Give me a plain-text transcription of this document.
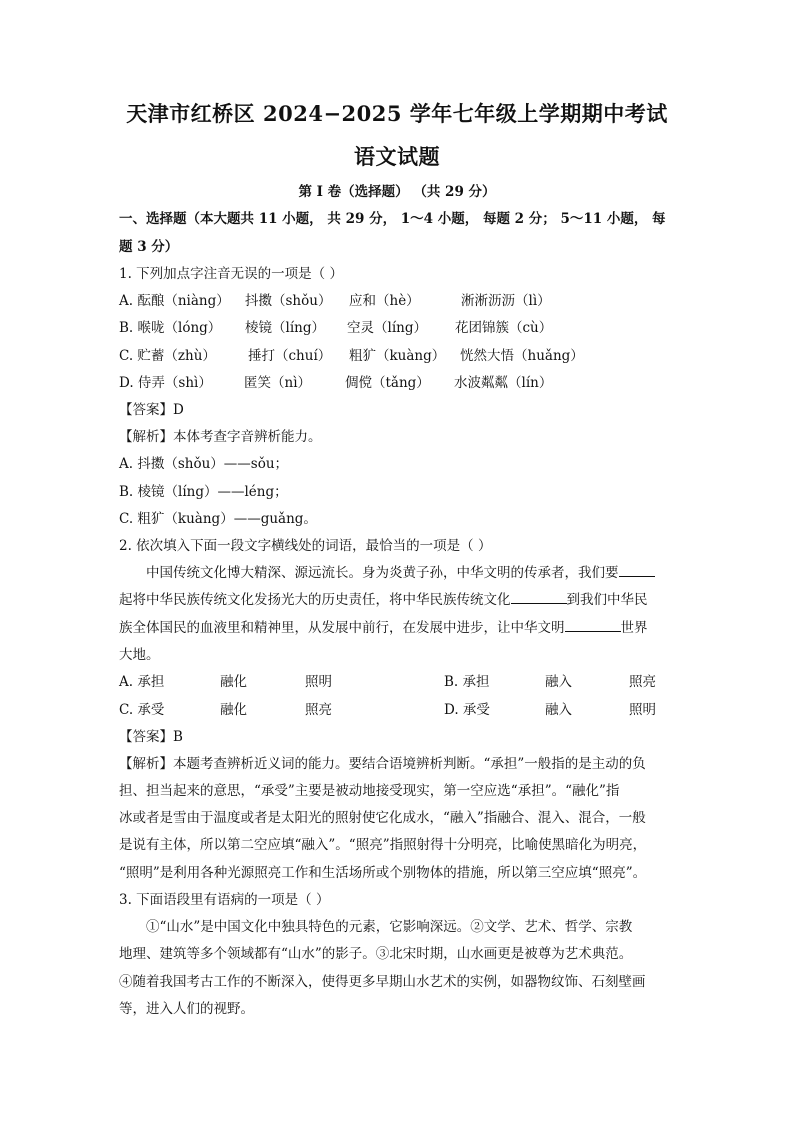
天津市红桥区 2024−2025 学年七年级上学期期中考试
语文试题
第 I 卷（选择题） （共 29 分）
一、选择题（本大题共 11 小题， 共 29 分， 1～4 小题， 每题 2 分； 5～11 小题， 每
题 3 分）
1. 下列加点字注音无误的一项是（ ）
A. 酝酿（niàng） 抖擞（shǒu） 应和（hè）	淅淅沥沥（lì）
B. 喉咙（lóng） 棱镜（líng） 空灵（líng） 花团锦簇（cù）
C. 贮蓄（zhù） 捶打（chuí） 粗犷（kuàng） 恍然大悟（huǎng）
D. 侍弄（shì） 匿笑（nì）	倜傥（tǎng） 水波粼粼（lín）
【答案】D
【解析】本体考查字音辨析能力。
A. 抖擞（shǒu）——sǒu；
B. 棱镜（líng）——léng；
C. 粗犷（kuàng）——guǎng。
2. 依次填入下面一段文字横线处的词语，最恰当的一项是（ ）
中国传统文化博大精深、源远流长。身为炎黄子孙，中华文明的传承者，我们要
起将中华民族传统文化发扬光大的历史责任，将中华民族传统文化	到我们中华民
族全体国民的血液里和精神里，从发展中前行，在发展中进步，让中华文明	世界
大地。
A. 承担	融化	照明	B. 承担	融入	照亮
C. 承受	融化	照亮	D. 承受	融入	照明
【答案】B
【解析】本题考查辨析近义词的能力。要结合语境辨析判断。“承担”一般指的是主动的负
担、担当起来的意思，“承受”主要是被动地接受现实，第一空应选“承担”。“融化”指
冰或者是雪由于温度或者是太阳光的照射使它化成水，“融入”指融合、混入、混合，一般
是说有主体，所以第二空应填“融入”。“照亮”指照射得十分明亮，比喻使黑暗化为明亮，
“照明”是利用各种光源照亮工作和生活场所或个别物体的措施，所以第三空应填“照亮”。
3. 下面语段里有语病的一项是（ ）
①“山水”是中国文化中独具特色的元素，它影响深远。②文学、艺术、哲学、宗教
地理、建筑等多个领域都有“山水”的影子。③北宋时期，山水画更是被尊为艺术典范。
④随着我国考古工作的不断深入，使得更多早期山水艺术的实例，如器物纹饰、石刻壁画
等，进入人们的视野。
